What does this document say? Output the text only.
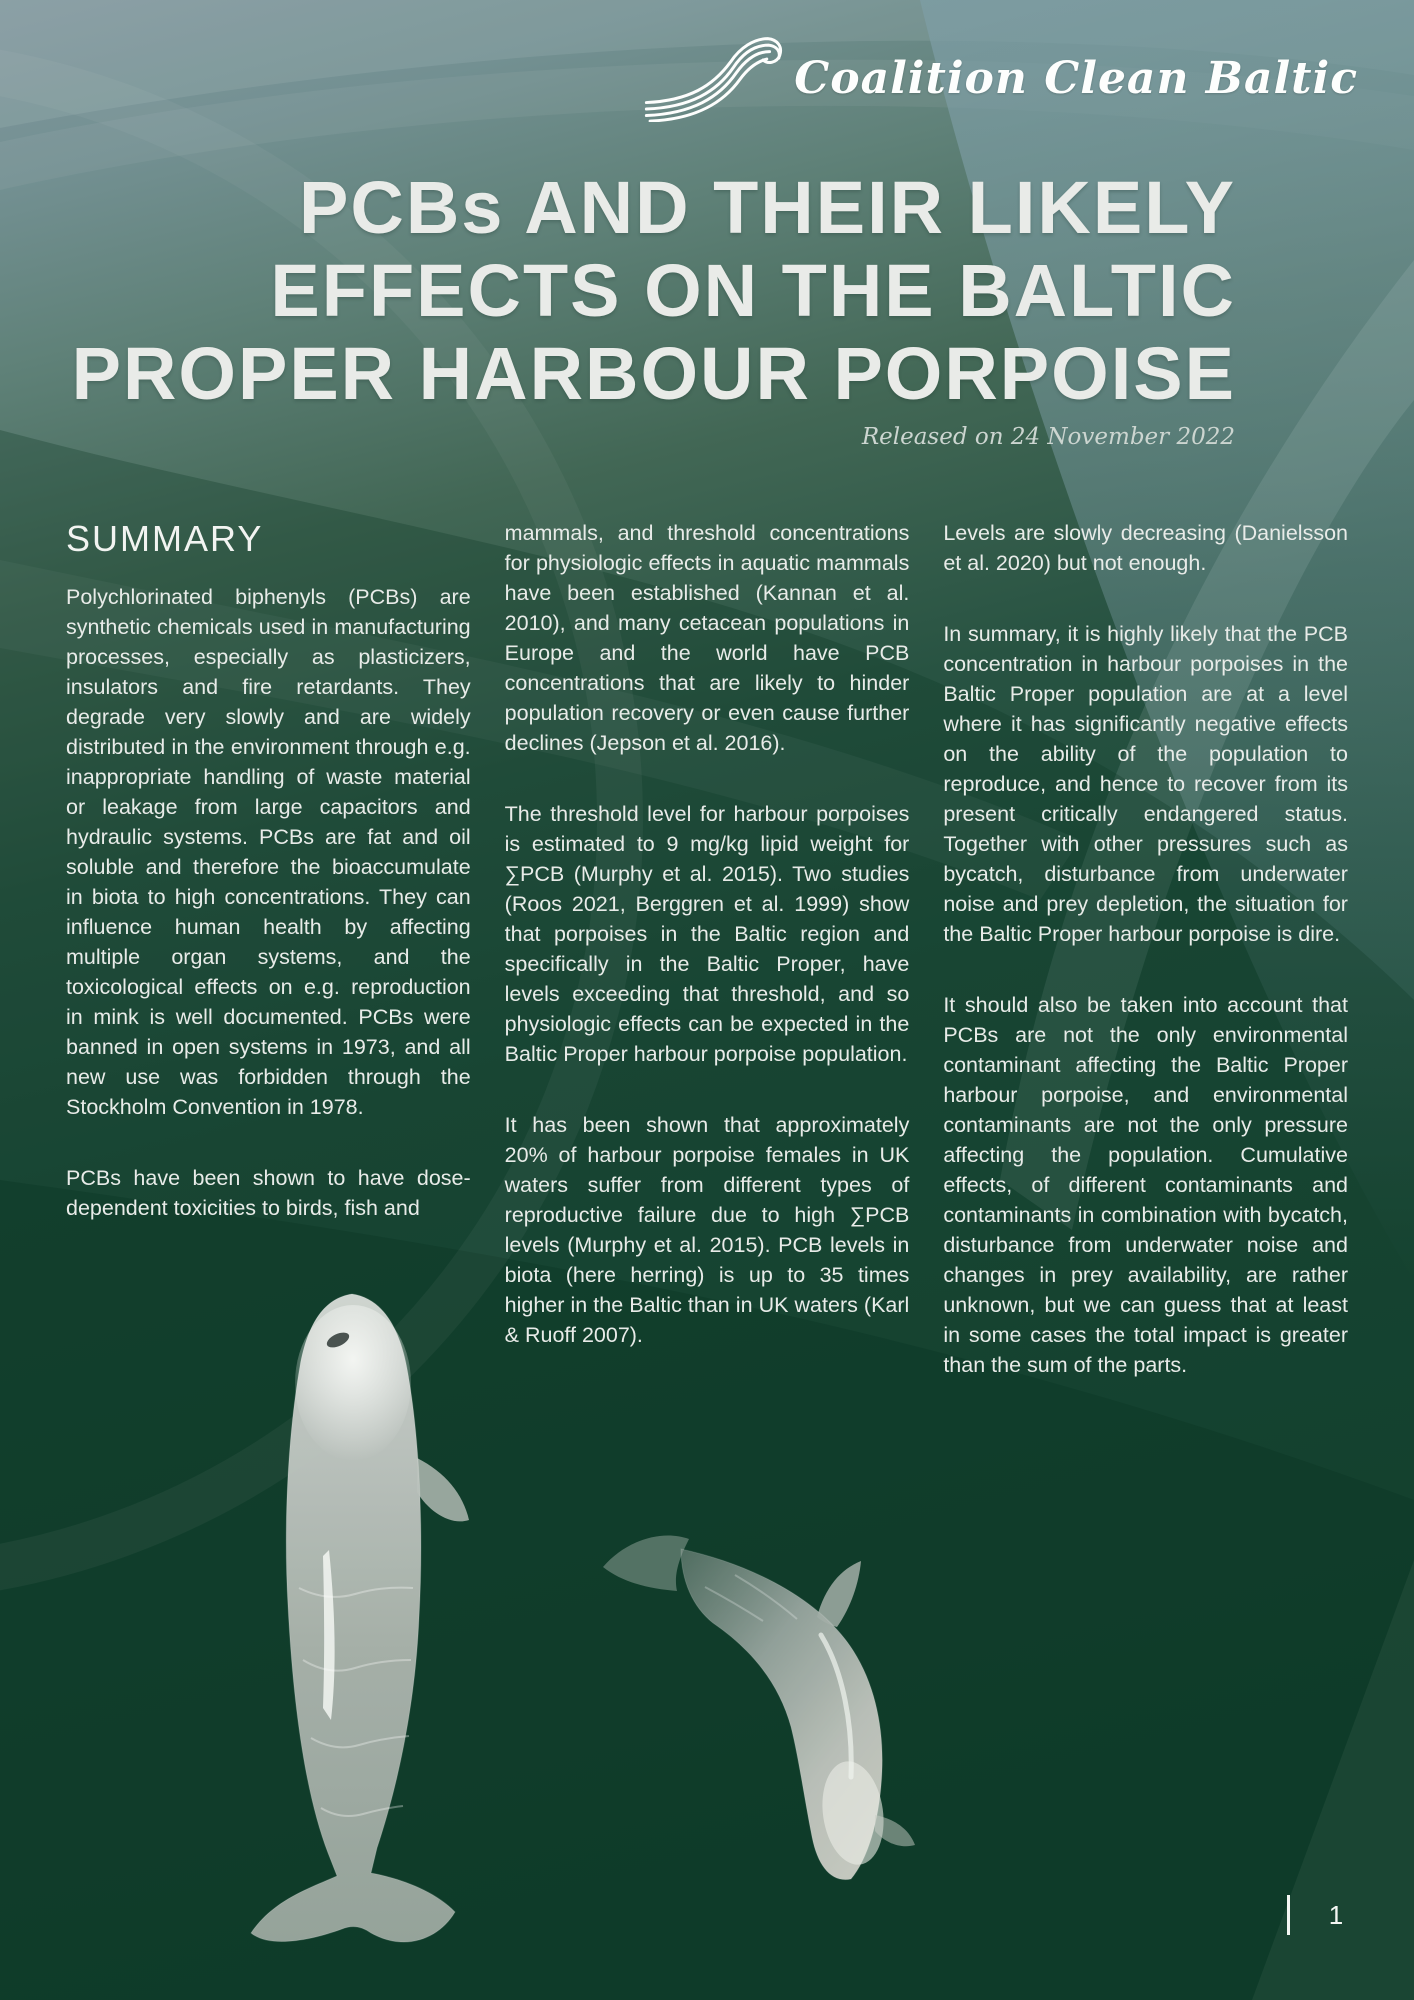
Coalition Clean Baltic
PCBs AND THEIR LIKELY
EFFECTS ON THE BALTIC
PROPER HARBOUR PORPOISE
Released on 24 November 2022
SUMMARY

Polychlorinated biphenyls (PCBs) are synthetic chemicals used in manufacturing processes, especially as plasticizers, insulators and fire retardants. They degrade very slowly and are widely distributed in the environment through e.g. inappropriate handling of waste material or leakage from large capacitors and hydraulic systems. PCBs are fat and oil soluble and therefore the bioaccumulate in biota to high concentrations. They can influence human health by affecting multiple organ systems, and the toxicological effects on e.g. reproduction in mink is well documented. PCBs were banned in open systems in 1973, and all new use was forbidden through the Stockholm Convention in 1978.

PCBs have been shown to have dose-dependent toxicities to birds, fish and

mammals, and threshold concentrations for physiologic effects in aquatic mammals have been established (Kannan et al. 2010), and many cetacean populations in Europe and the world have PCB concentrations that are likely to hinder population recovery or even cause further declines (Jepson et al. 2016).

The threshold level for harbour porpoises is estimated to 9 mg/kg lipid weight for ∑PCB (Murphy et al. 2015). Two studies (Roos 2021, Berggren et al. 1999) show that porpoises in the Baltic region and specifically in the Baltic Proper, have levels exceeding that threshold, and so physiologic effects can be expected in the Baltic Proper harbour porpoise population.

It has been shown that approximately 20% of harbour porpoise females in UK waters suffer from different types of reproductive failure due to high ∑PCB levels (Murphy et al. 2015). PCB levels in biota (here herring) is up to 35 times higher in the Baltic than in UK waters (Karl & Ruoff 2007).

Levels are slowly decreasing (Danielsson et al. 2020) but not enough.

In summary, it is highly likely that the PCB concentration in harbour porpoises in the Baltic Proper population are at a level where it has significantly negative effects on the ability of the population to reproduce, and hence to recover from its present critically endangered status. Together with other pressures such as bycatch, disturbance from underwater noise and prey depletion, the situation for the Baltic Proper harbour porpoise is dire.

It should also be taken into account that PCBs are not the only environmental contaminant affecting the Baltic Proper harbour porpoise, and environmental contaminants are not the only pressure affecting the population. Cumulative effects, of different contaminants and contaminants in combination with bycatch, disturbance from underwater noise and changes in prey availability, are rather unknown, but we can guess that at least in some cases the total impact is greater than the sum of the parts.

1
